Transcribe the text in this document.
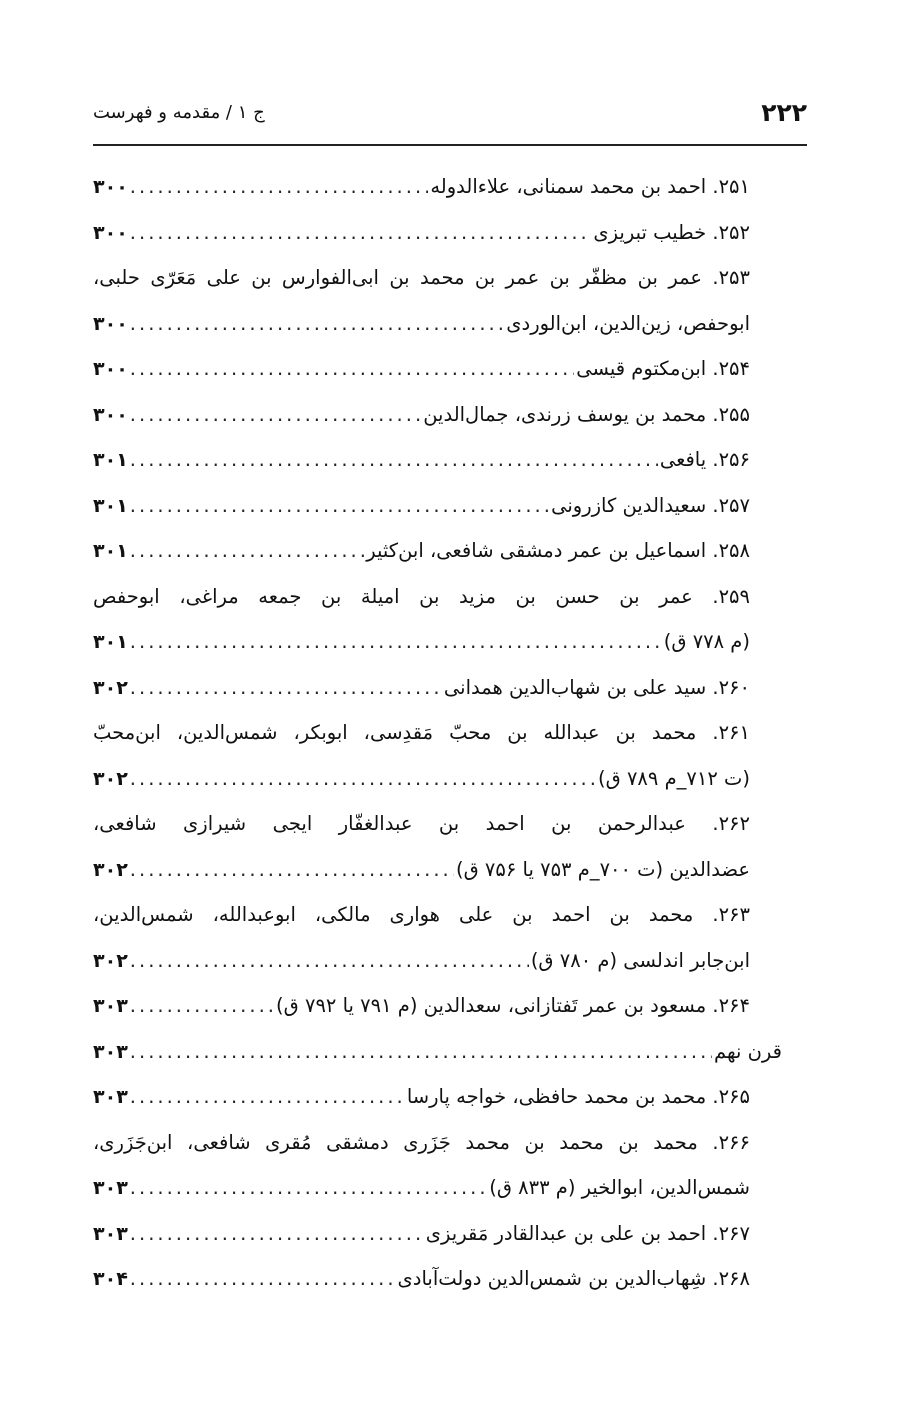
۲۲۲
ج ۱ / مقدمه و فهرست
۲۵۱. احمد بن محمد سمنانی، علاءالدوله
.....
۳۰۰
۲۵۲. خطیب تبریزی
.....
۳۰۰
۲۵۳. عمر بن مظفّر بن عمر بن محمد بن ابی‌الفوارس بن علی مَعَرّی حلبی،
ابوحفص، زین‌الدین، ابن‌الوردی
.....
۳۰۰
۲۵۴. ابن‌مکتوم قیسی
.....
۳۰۰
۲۵۵. محمد بن یوسف زرندی، جمال‌الدین
.....
۳۰۰
۲۵۶. یافعی
.....
۳۰۱
۲۵۷. سعیدالدین کازرونی
.....
۳۰۱
۲۵۸. اسماعیل بن عمر دمشقی شافعی، ابن‌کثیر
.....
۳۰۱
۲۵۹. عمر بن حسن بن مزید بن امیلة بن جمعه مراغی، ابوحفص
(م ۷۷۸ ق)
.....
۳۰۱
۲۶۰. سید علی بن شهاب‌الدین همدانی
.....
۳۰۲
۲۶۱. محمد بن عبدالله بن محبّ مَقدِسی، ابوبکر، شمس‌الدین، ابن‌محبّ
(ت ۷۱۲_م ۷۸۹ ق)
.....
۳۰۲
۲۶۲. عبدالرحمن بن احمد بن عبدالغفّار ایجی شیرازی شافعی،
عضدالدین (ت ۷۰۰_م ۷۵۳ یا ۷۵۶ ق)
.....
۳۰۲
۲۶۳. محمد بن احمد بن علی هواری مالکی، ابوعبدالله، شمس‌الدین،
ابن‌جابر اندلسی (م ۷۸۰ ق)
.....
۳۰۲
۲۶۴. مسعود بن عمر تَفتازانی، سعدالدین (م ۷۹۱ یا ۷۹۲ ق)
.....
۳۰۳
قرن نهم
.....
۳۰۳
۲۶۵. محمد بن محمد حافظی، خواجه پارسا
.....
۳۰۳
۲۶۶. محمد بن محمد بن محمد جَزَری دمشقی مُقری شافعی، ابن‌جَزَری،
شمس‌الدین، ابوالخیر (م ۸۳۳ ق)
.....
۳۰۳
۲۶۷. احمد بن علی بن عبدالقادر مَقریزی
.....
۳۰۳
۲۶۸. شِهاب‌الدین بن شمس‌الدین دولت‌آبادی
.....
۳۰۴
